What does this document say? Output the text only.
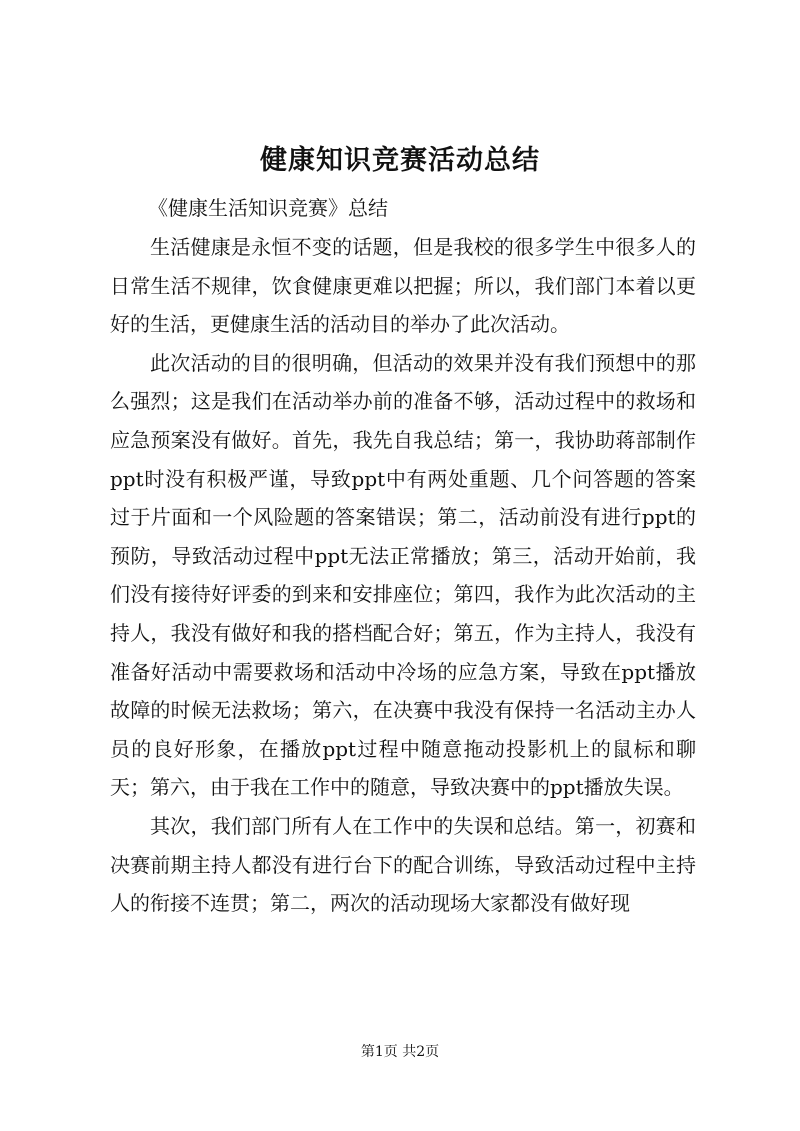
健康知识竞赛活动总结
《健康生活知识竞赛》总结

生活健康是永恒不变的话题，但是我校的很多学生中很多人的日常生活不规律，饮食健康更难以把握；所以，我们部门本着以更好的生活，更健康生活的活动目的举办了此次活动。

此次活动的目的很明确，但活动的效果并没有我们预想中的那么强烈；这是我们在活动举办前的准备不够，活动过程中的救场和应急预案没有做好。首先，我先自我总结；第一，我协助蒋部制作ppt时没有积极严谨，导致ppt中有两处重题、几个问答题的答案过于片面和一个风险题的答案错误；第二，活动前没有进行ppt的预防，导致活动过程中ppt无法正常播放；第三，活动开始前，我们没有接待好评委的到来和安排座位；第四，我作为此次活动的主持人，我没有做好和我的搭档配合好；第五，作为主持人，我没有准备好活动中需要救场和活动中冷场的应急方案，导致在ppt播放故障的时候无法救场；第六，在决赛中我没有保持一名活动主办人员的良好形象，在播放ppt过程中随意拖动投影机上的鼠标和聊天；第六，由于我在工作中的随意，导致决赛中的ppt播放失误。

其次，我们部门所有人在工作中的失误和总结。第一，初赛和决赛前期主持人都没有进行台下的配合训练，导致活动过程中主持人的衔接不连贯；第二，两次的活动现场大家都没有做好现

第1页 共2页
